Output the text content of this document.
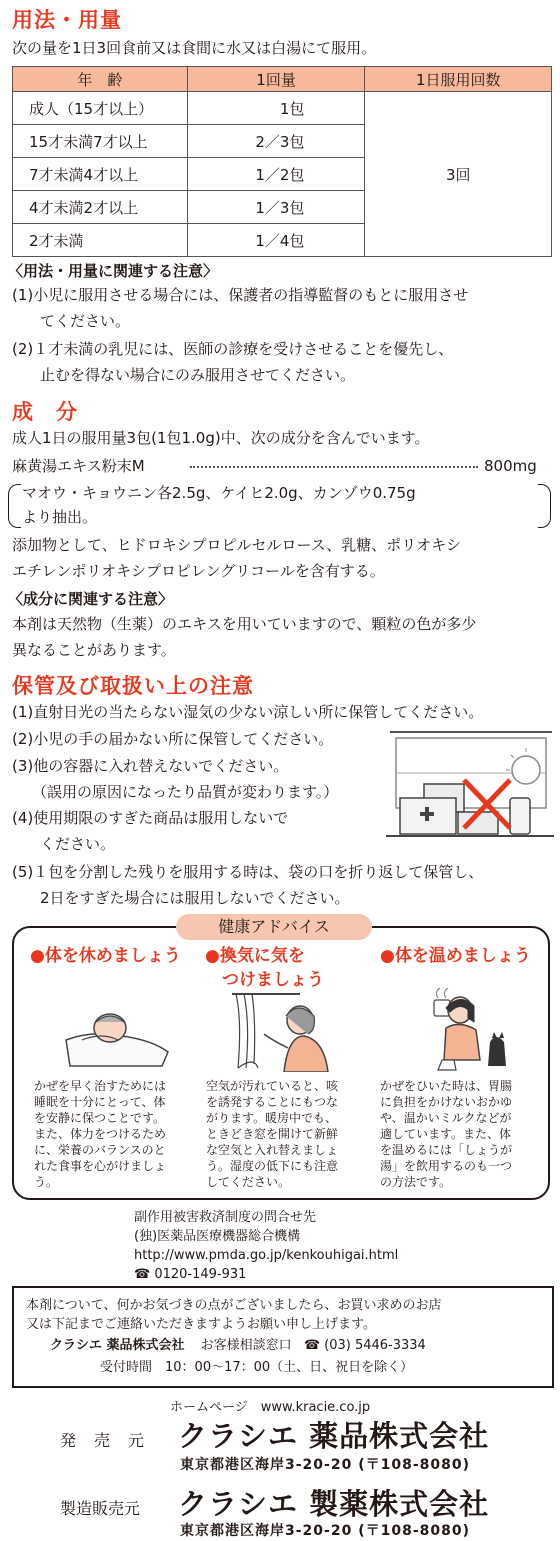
用法・用量
次の量を1日3回食前又は食間に水又は白湯にて服用。
年　齢	1回量	1日服用回数
成人（15才以上）	1包	3回
15才未満7才以上	2／3包	
7才未満4才以上	1／2包	
4才未満2才以上	1／3包	
2才未満	1／4包	
〈用法・用量に関連する注意〉
(1)小児に服用させる場合には、保護者の指導監督のもとに服用させ
てください。
(2)１才未満の乳児には、医師の診療を受けさせることを優先し、
止むを得ない場合にのみ服用させてください。
成　分
成人1日の服用量3包(1包1.0g)中、次の成分を含んでいます。
麻黄湯エキス粉末M	800mg
マオウ・キョウニン各2.5g、ケイヒ2.0g、カンゾウ0.75g
より抽出。
添加物として、ヒドロキシプロピルセルロース、乳糖、ポリオキシ
エチレンポリオキシプロピレングリコールを含有する。
〈成分に関連する注意〉
本剤は天然物（生薬）のエキスを用いていますので、顆粒の色が多少
異なることがあります。
保管及び取扱い上の注意
(1)直射日光の当たらない湿気の少ない涼しい所に保管してください。
(2)小児の手の届かない所に保管してください。
(3)他の容器に入れ替えないでください。
（誤用の原因になったり品質が変わります。）
(4)使用期限のすぎた商品は服用しないで
ください。
(5)１包を分割した残りを服用する時は、袋の口を折り返して保管し、
2日をすぎた場合には服用しないでください。
健康アドバイス
●体を休めましょう ●換気に気を
　つけましょう
●体を温めましょう
かぜを早く治すためには
睡眠を十分にとって、体
を安静に保つことです。
また、体力をつけるため
に、栄養のバランスのと
れた食事を心がけましょ
う。
空気が汚れていると、咳
を誘発することにもつな
がります。暖房中でも、
ときどき窓を開けて新鮮
な空気と入れ替えましょ
う。湿度の低下にも注意
してください。
かぜをひいた時は、胃腸
に負担をかけないおかゆ
や、温かいミルクなどが
適しています。また、体
を温めるには「しょうが
湯」を飲用するのも一つ
の方法です。
副作用被害救済制度の問合せ先
(独)医薬品医療機器総合機構
http://www.pmda.go.jp/kenkouhigai.html
☎ 0120-149-931
本剤について、何かお気づきの点がございましたら、お買い求めのお店
又は下記までご連絡いただきますようお願い申し上げます。
クラシエ 薬品株式会社 お客様相談窓口 ☎ (03) 5446-3334
受付時間　10：00～17：00（土、日、祝日を除く）
ホームページ　www.kracie.co.jp
発　売　元 クラシエ 薬品株式会社
東京都港区海岸3-20-20 (〒108-8080)
製造販売元 クラシエ 製薬株式会社
東京都港区海岸3-20-20 (〒108-8080)
